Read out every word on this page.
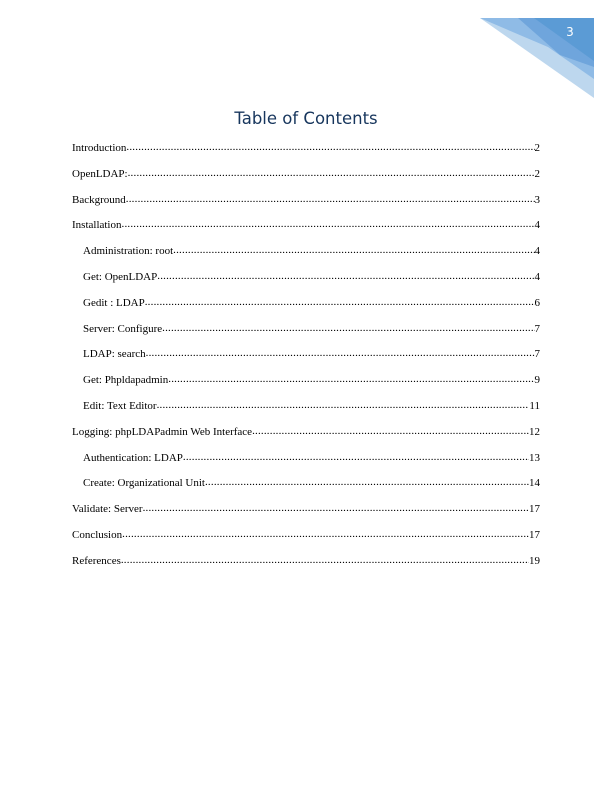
3
Table of Contents
Introduction .....	2
OpenLDAP: .....	2
Background .....	3
Installation .....	4
Administration: root .....	4
Get: OpenLDAP .....	4
Gedit : LDAP .....	6
Server: Configure .....	7
LDAP: search .....	7
Get: Phpldapadmin .....	9
Edit: Text Editor .....	11
Logging: phpLDAPadmin Web Interface .....	12
Authentication: LDAP .....	13
Create: Organizational Unit .....	14
Validate: Server .....	17
Conclusion .....	17
References .....	19
